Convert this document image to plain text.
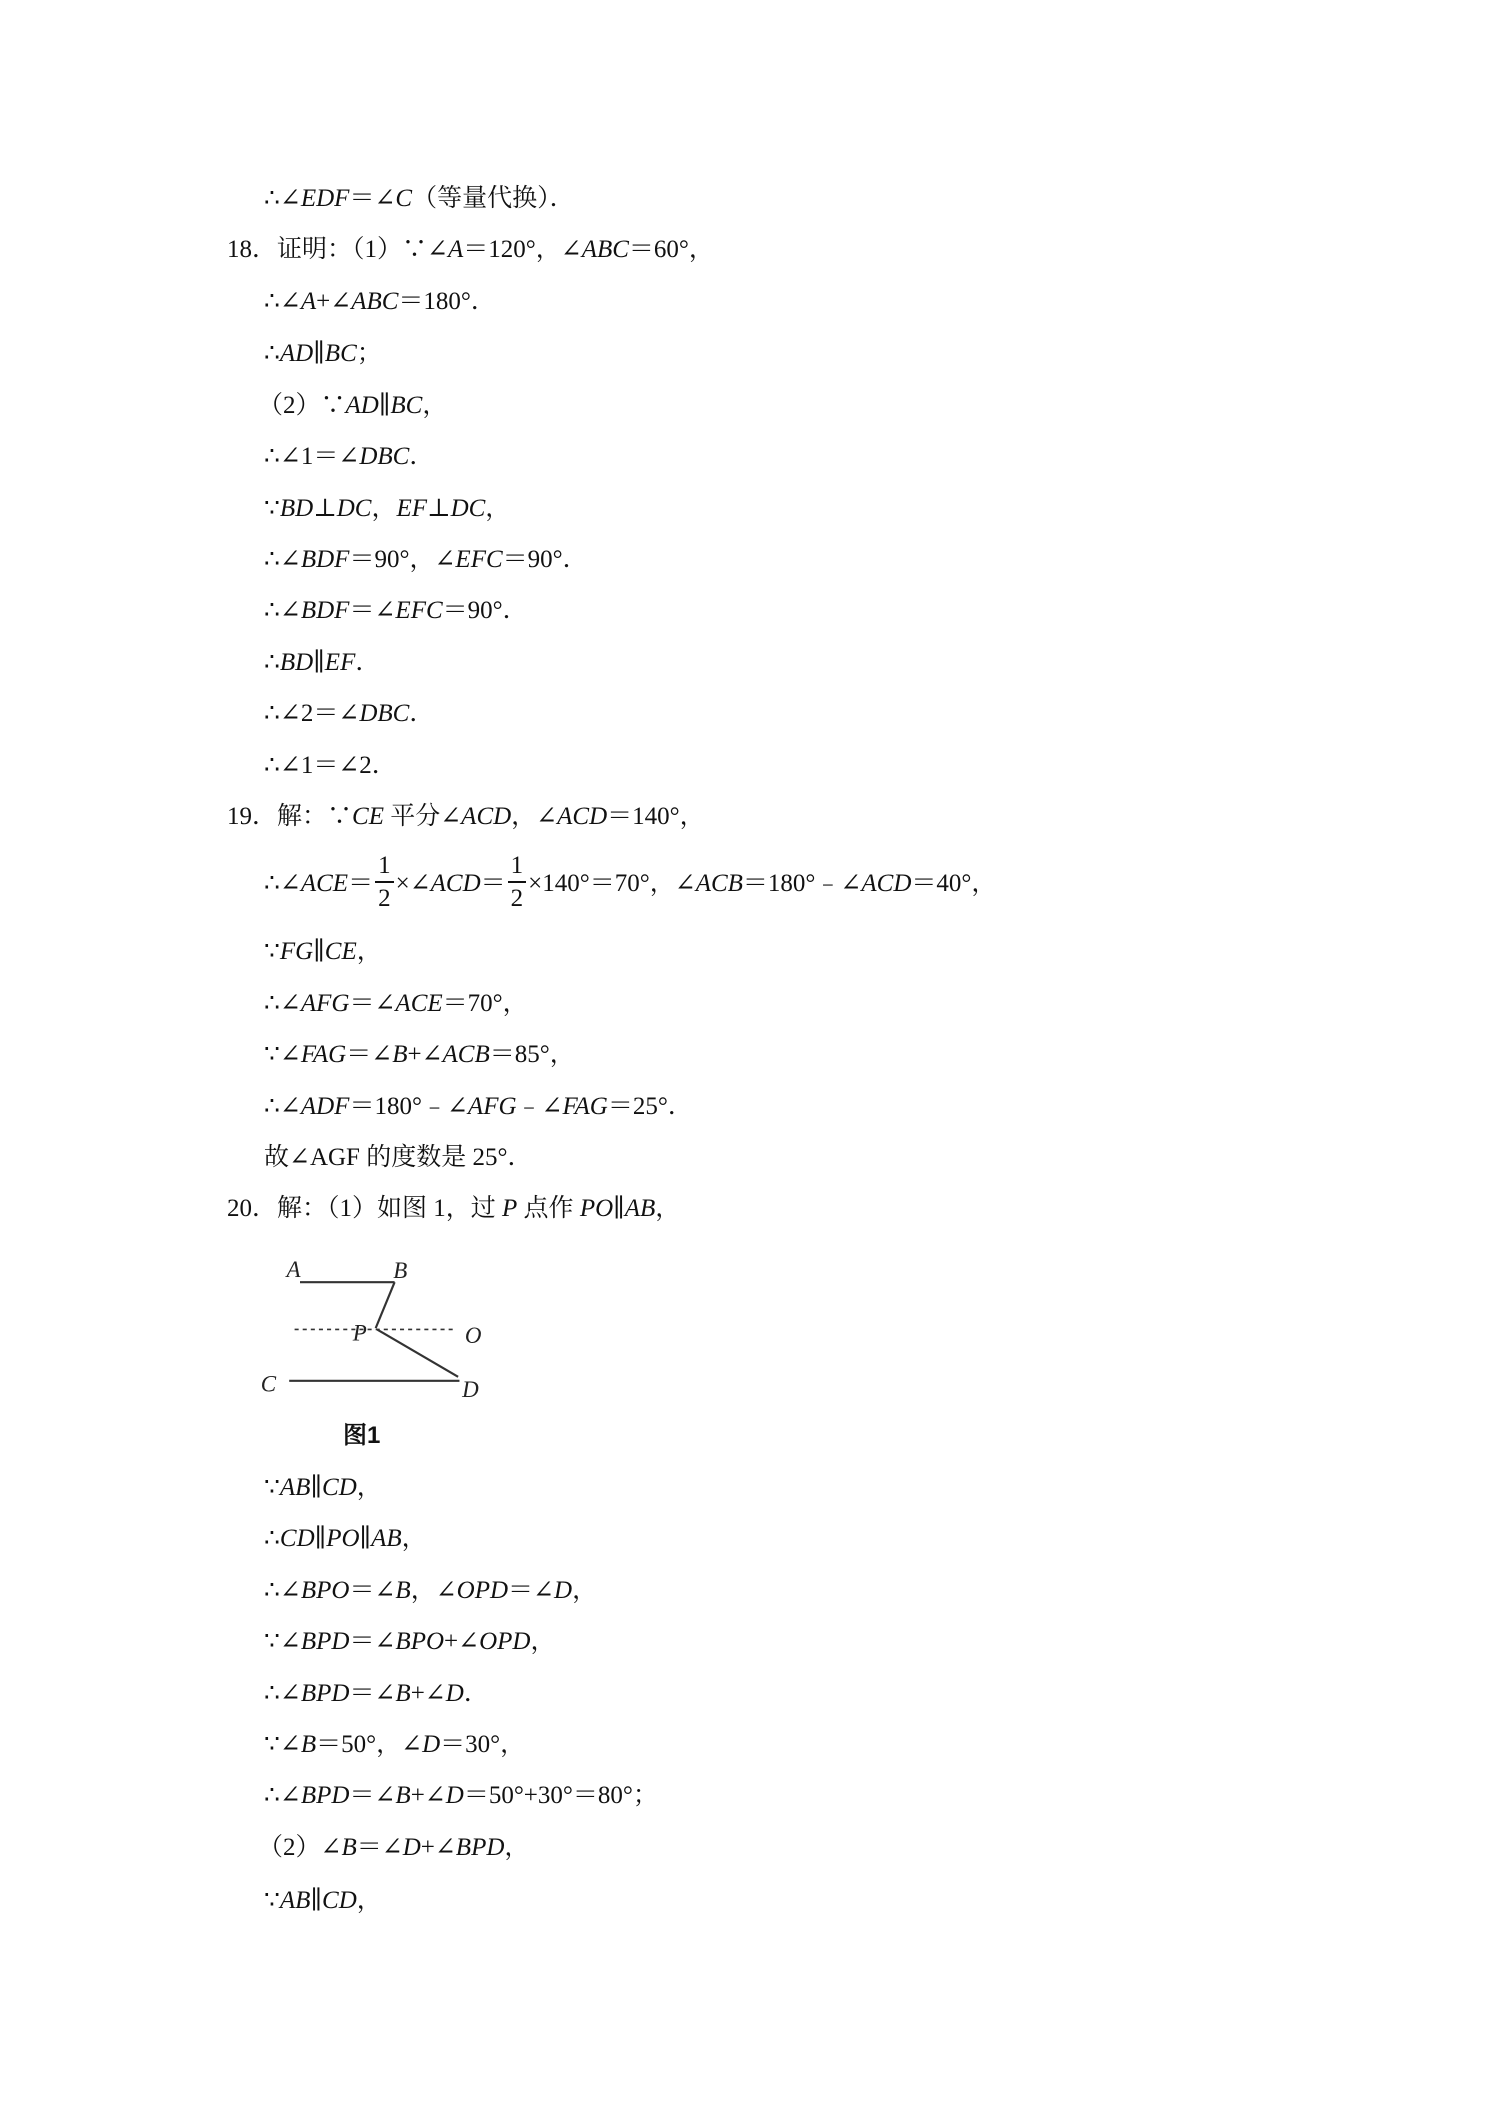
∴∠EDF＝∠C（等量代换）．
18．证明：（1）∵∠A＝120°，∠ABC＝60°，
∴∠A+∠ABC＝180°．
∴AD∥BC；
（2）∵AD∥BC，
∴∠1＝∠DBC．
∵BD⊥DC，EF⊥DC，
∴∠BDF＝90°，∠EFC＝90°．
∴∠BDF＝∠EFC＝90°．
∴BD∥EF．
∴∠2＝∠DBC．
∴∠1＝∠2．
19．解：∵CE 平分∠ACD，∠ACD＝140°，
∴∠ACE＝ $\frac{1}{2}$ ×∠ACD＝ $\frac{1}{2} \times 140^\circ=70^\circ$，∠ACB＝180°﹣∠ACD＝40°，
∵FG∥CE，
∴∠AFG＝∠ACE＝70°，
∵∠FAG＝∠B+∠ACB＝85°，
∴∠ADF＝180°﹣∠AFG﹣∠FAG＝25°．
故∠AGF 的度数是 25°．
20．解：（1）如图 1，过 P 点作 PO∥AB，
A	B
P	O
C	D
图1
∵AB∥CD，
∴CD∥PO∥AB，
∴∠BPO＝∠B，∠OPD＝∠D，
∵∠BPD＝∠BPO+∠OPD，
∴∠BPD＝∠B+∠D．
∵∠B＝50°，∠D＝30°，
∴∠BPD＝∠B+∠D＝50°+30°＝80°；
（2）∠B＝∠D+∠BPD，
∵AB∥CD，
